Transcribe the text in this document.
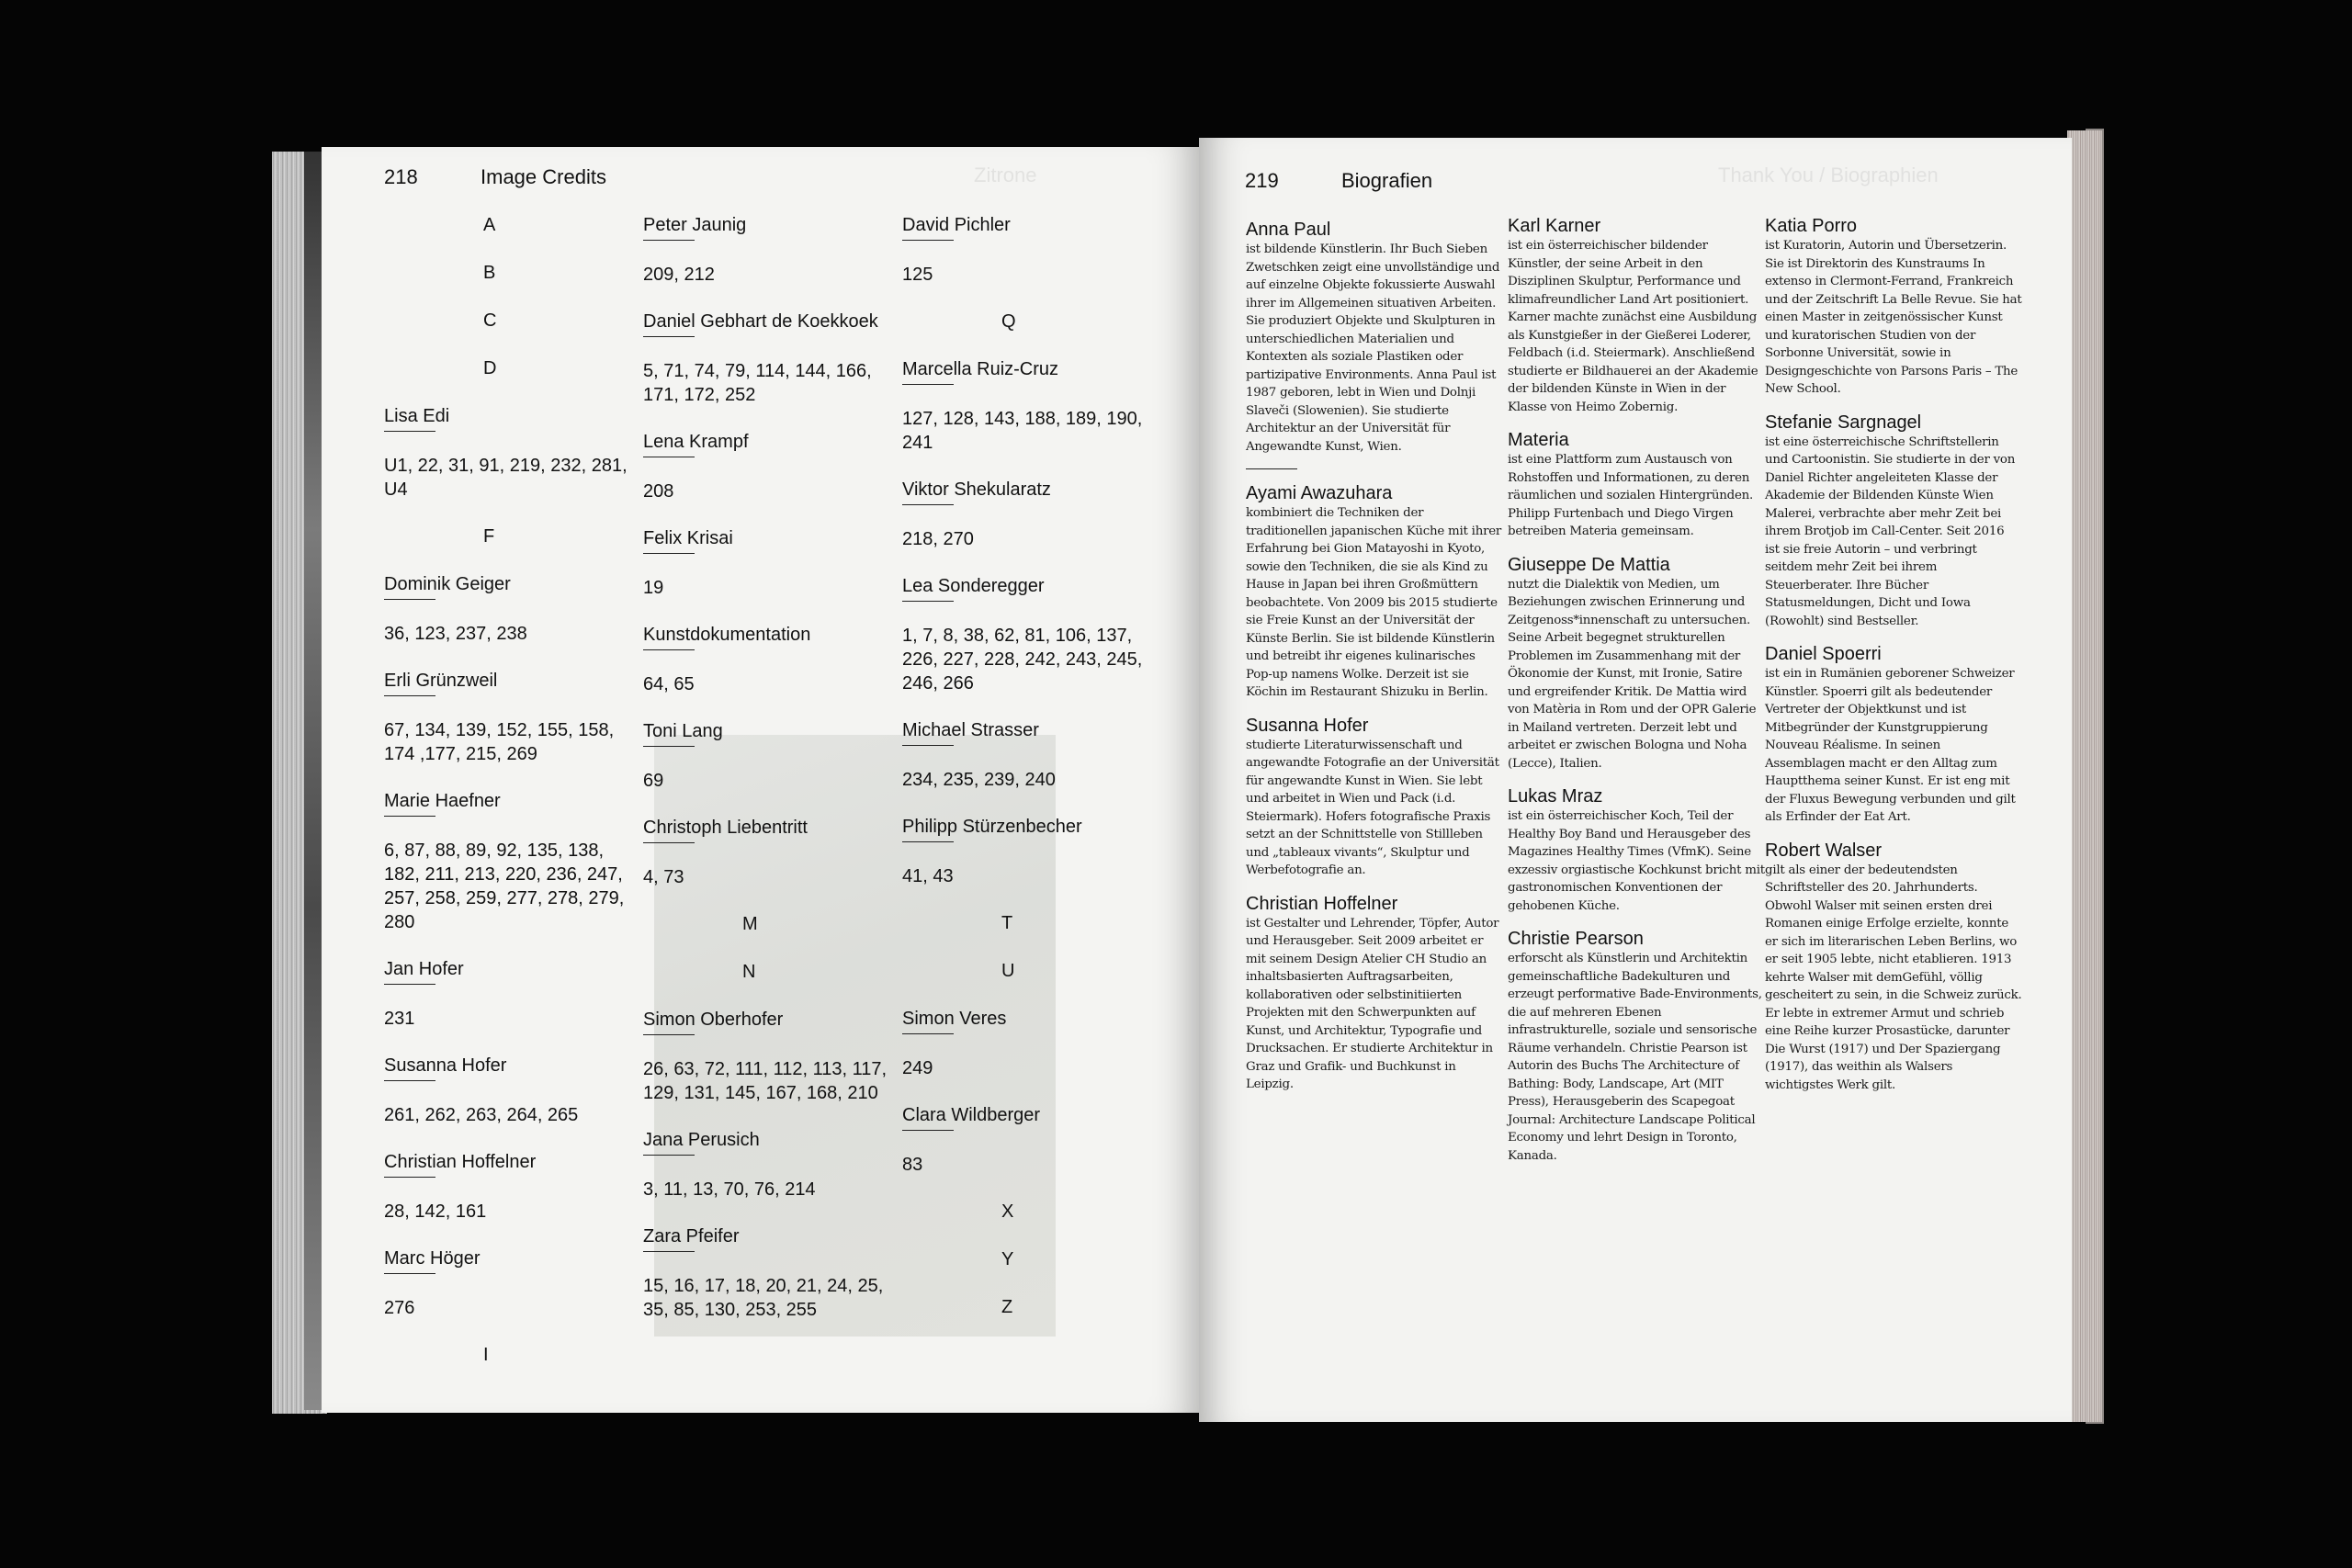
Thank You / Biographien
Zitrone
218	Image Credits
A
B
C
D
Lisa Edi
U1, 22, 31, 91, 219, 232, 281, U4
F
Dominik Geiger
36, 123, 237, 238
Erli Grünzweil
67, 134, 139, 152, 155, 158, 174 ,177, 215, 269
Marie Haefner
6, 87, 88, 89, 92, 135, 138, 182, 211, 213, 220, 236, 247, 257, 258, 259, 277, 278, 279, 280
Jan Hofer
231
Susanna Hofer
261, 262, 263, 264, 265
Christian Hoffelner
28, 142, 161
Marc Höger
276
I
Peter Jaunig
209, 212
Daniel Gebhart de Koekkoek
5, 71, 74, 79, 114, 144, 166, 171, 172, 252
Lena Krampf
208
Felix Krisai
19
Kunstdokumentation
64, 65
Toni Lang
69
Christoph Liebentritt
4, 73
M
N
Simon Oberhofer
26, 63, 72, 111, 112, 113, 117, 129, 131, 145, 167, 168, 210
Jana Perusich
3, 11, 13, 70, 76, 214
Zara Pfeifer
15, 16, 17, 18, 20, 21, 24, 25, 35, 85, 130, 253, 255
David Pichler
125
Q
Marcella Ruiz-Cruz
127, 128, 143, 188, 189, 190, 241
Viktor Shekularatz
218, 270
Lea Sonderegger
1, 7, 8, 38, 62, 81, 106, 137, 226, 227, 228, 242, 243, 245, 246, 266
Michael Strasser
234, 235, 239, 240
Philipp Stürzenbecher
41, 43
T
U
Simon Veres
249
Clara Wildberger
83
X
Y
Z
219	Biografien
Anna Paul
ist bildende Künstlerin. Ihr Buch Sieben Zwetschken zeigt eine unvollständige und auf einzelne Objekte fokussierte Auswahl ihrer im Allgemeinen situativen Arbeiten. Sie produziert Objekte und Skulpturen in unterschiedlichen Materialien und Kontexten als soziale Plastiken oder partizipative Environments. Anna Paul ist 1987 geboren, lebt in Wien und Dolnji Slaveči (Slowenien). Sie studierte Architektur an der Universität für Angewandte Kunst, Wien.
Ayami Awazuhara
kombiniert die Techniken der traditionellen japanischen Küche mit ihrer Erfahrung bei Gion Matayoshi in Kyoto, sowie den Techniken, die sie als Kind zu Hause in Japan bei ihren Großmüttern beobachtete. Von 2009 bis 2015 studierte sie Freie Kunst an der Universität der Künste Berlin. Sie ist bildende Künstlerin und betreibt ihr eigenes kulinarisches Pop-up namens Wolke. Derzeit ist sie Köchin im Restaurant Shizuku in Berlin.
Susanna Hofer
studierte Literaturwissenschaft und angewandte Fotografie an der Universität für angewandte Kunst in Wien. Sie lebt und arbeitet in Wien und Pack (i.d. Steiermark). Hofers fotografische Praxis setzt an der Schnittstelle von Stillleben und „tableaux vivants“, Skulptur und Werbefotografie an.
Christian Hoffelner
ist Gestalter und Lehrender, Töpfer, Autor und Herausgeber. Seit 2009 arbeitet er mit seinem Design Atelier CH Studio an inhaltsbasierten Auftragsarbeiten, kollaborativen oder selbstinitiierten Projekten mit den Schwerpunkten auf Kunst, und Architektur, Typografie und Drucksachen. Er studierte Architektur in Graz und Grafik- und Buchkunst in Leipzig.
Karl Karner
ist ein österreichischer bildender Künstler, der seine Arbeit in den Disziplinen Skulptur, Performance und klimafreundlicher Land Art positioniert. Karner machte zunächst eine Ausbildung als Kunstgießer in der Gießerei Loderer, Feldbach (i.d. Steiermark). Anschließend studierte er Bildhauerei an der Akademie der bildenden Künste in Wien in der Klasse von Heimo Zobernig.
Materia
ist eine Plattform zum Austausch von Rohstoffen und Informationen, zu deren räumlichen und sozialen Hintergründen. Philipp Furtenbach und Diego Virgen betreiben Materia gemeinsam.
Giuseppe De Mattia
nutzt die Dialektik von Medien, um Beziehungen zwischen Erinnerung und Zeitgenoss*innenschaft zu untersuchen. Seine Arbeit begegnet strukturellen Problemen im Zusammenhang mit der Ökonomie der Kunst, mit Ironie, Satire und ergreifender Kritik. De Mattia wird von Matèria in Rom und der OPR Galerie in Mailand vertreten. Derzeit lebt und arbeitet er zwischen Bologna und Noha (Lecce), Italien.
Lukas Mraz
ist ein österreichischer Koch, Teil der Healthy Boy Band und Herausgeber des Magazines Healthy Times (VfmK). Seine exzessiv orgiastische Kochkunst bricht mit gastronomischen Konventionen der gehobenen Küche.
Christie Pearson
erforscht als Künstlerin und Architektin gemeinschaftliche Badekulturen und erzeugt performative Bade-Environments, die auf mehreren Ebenen infrastrukturelle, soziale und sensorische Räume verhandeln. Christie Pearson ist Autorin des Buchs The Architecture of Bathing: Body, Landscape, Art (MIT Press), Herausgeberin des Scapegoat Journal: Architecture Landscape Political Economy und lehrt Design in Toronto, Kanada.
Katia Porro
ist Kuratorin, Autorin und Übersetzerin. Sie ist Direktorin des Kunstraums In extenso in Clermont-Ferrand, Frankreich und der Zeitschrift La Belle Revue. Sie hat einen Master in zeitgenössischer Kunst und kuratorischen Studien von der Sorbonne Universität, sowie in Designgeschichte von Parsons Paris – The New School.
Stefanie Sargnagel
ist eine österreichische Schriftstellerin und Cartoonistin. Sie studierte in der von Daniel Richter angeleiteten Klasse der Akademie der Bildenden Künste Wien Malerei, verbrachte aber mehr Zeit bei ihrem Brotjob im Call-Center. Seit 2016 ist sie freie Autorin – und verbringt seitdem mehr Zeit bei ihrem Steuerberater. Ihre Bücher Statusmeldungen, Dicht und Iowa (Rowohlt) sind Bestseller.
Daniel Spoerri
ist ein in Rumänien geborener Schweizer Künstler. Spoerri gilt als bedeutender Vertreter der Objektkunst und ist Mitbegründer der Kunstgruppierung Nouveau Réalisme. In seinen Assemblagen macht er den Alltag zum Hauptthema seiner Kunst. Er ist eng mit der Fluxus Bewegung verbunden und gilt als Erfinder der Eat Art.
Robert Walser
gilt als einer der bedeutendsten Schriftsteller des 20. Jahrhunderts. Obwohl Walser mit seinen ersten drei Romanen einige Erfolge erzielte, konnte er sich im literarischen Leben Berlins, wo er seit 1905 lebte, nicht etablieren. 1913 kehrte Walser mit demGefühl, völlig gescheitert zu sein, in die Schweiz zurück. Er lebte in extremer Armut und schrieb eine Reihe kurzer Prosastücke, darunter Die Wurst (1917) und Der Spaziergang (1917), das weithin als Walsers wichtigstes Werk gilt.
